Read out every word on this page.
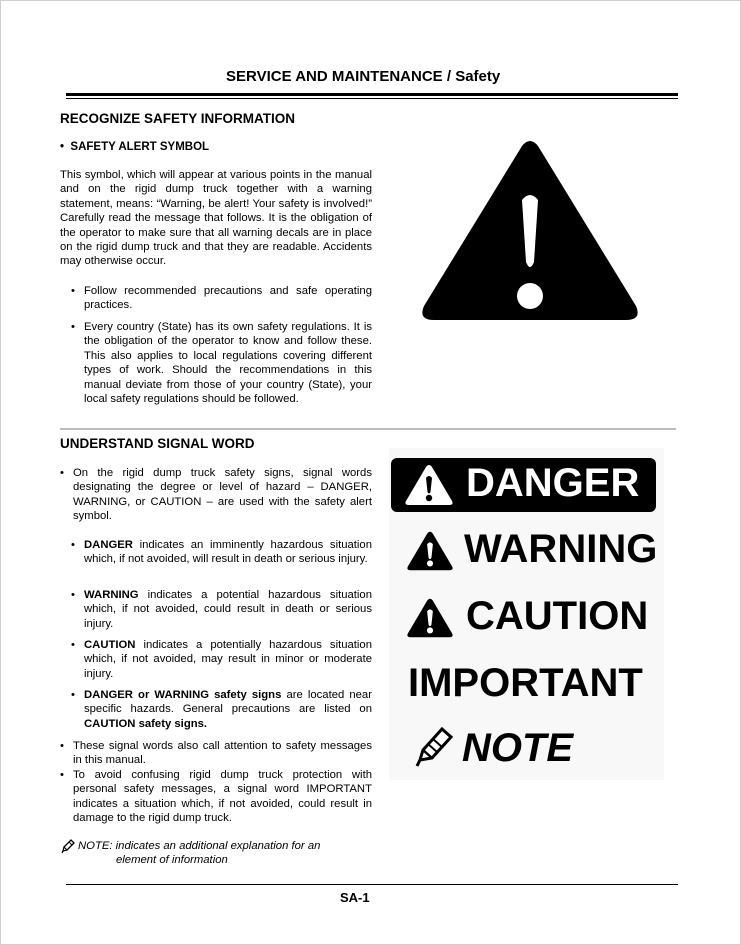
SERVICE AND MAINTENANCE / Safety
RECOGNIZE SAFETY INFORMATION
•  SAFETY ALERT SYMBOL
This symbol, which will appear at various points in the manual and on the rigid dump truck together with a warning statement, means: “Warning, be alert! Your safety is involved!” Carefully read the message that follows. It is the obligation of the operator to make sure that all warning decals are in place on the rigid dump truck and that they are readable. Accidents may otherwise occur.
• Follow recommended precautions and safe operating practices.
• Every country (State) has its own safety regulations. It is the obligation of the operator to know and follow these. This also applies to local regulations covering different types of work. Should the recommendations in this manual deviate from those of your country (State), your local safety regulations should be followed.
UNDERSTAND SIGNAL WORD
• On the rigid dump truck safety signs, signal words designating the degree or level of hazard – DANGER, WARNING, or CAUTION – are used with the safety alert symbol.
• DANGER indicates an imminently hazardous situation which, if not avoided, will result in death or serious injury.
• WARNING indicates a potential hazardous situation which, if not avoided, could result in death or serious injury.
• CAUTION indicates a potentially hazardous situation which, if not avoided, may result in minor or moderate injury.
• DANGER or WARNING safety signs are located near specific hazards. General precautions are listed on CAUTION safety signs.
• These signal words also call attention to safety messages in this manual.
• To avoid confusing rigid dump truck protection with personal safety messages, a signal word IMPORTANT indicates a situation which, if not avoided, could result in damage to the rigid dump truck.
NOTE: indicates an additional explanation for an
element of information
DANGER
WARNING
CAUTION
IMPORTANT
NOTE
SA-1
